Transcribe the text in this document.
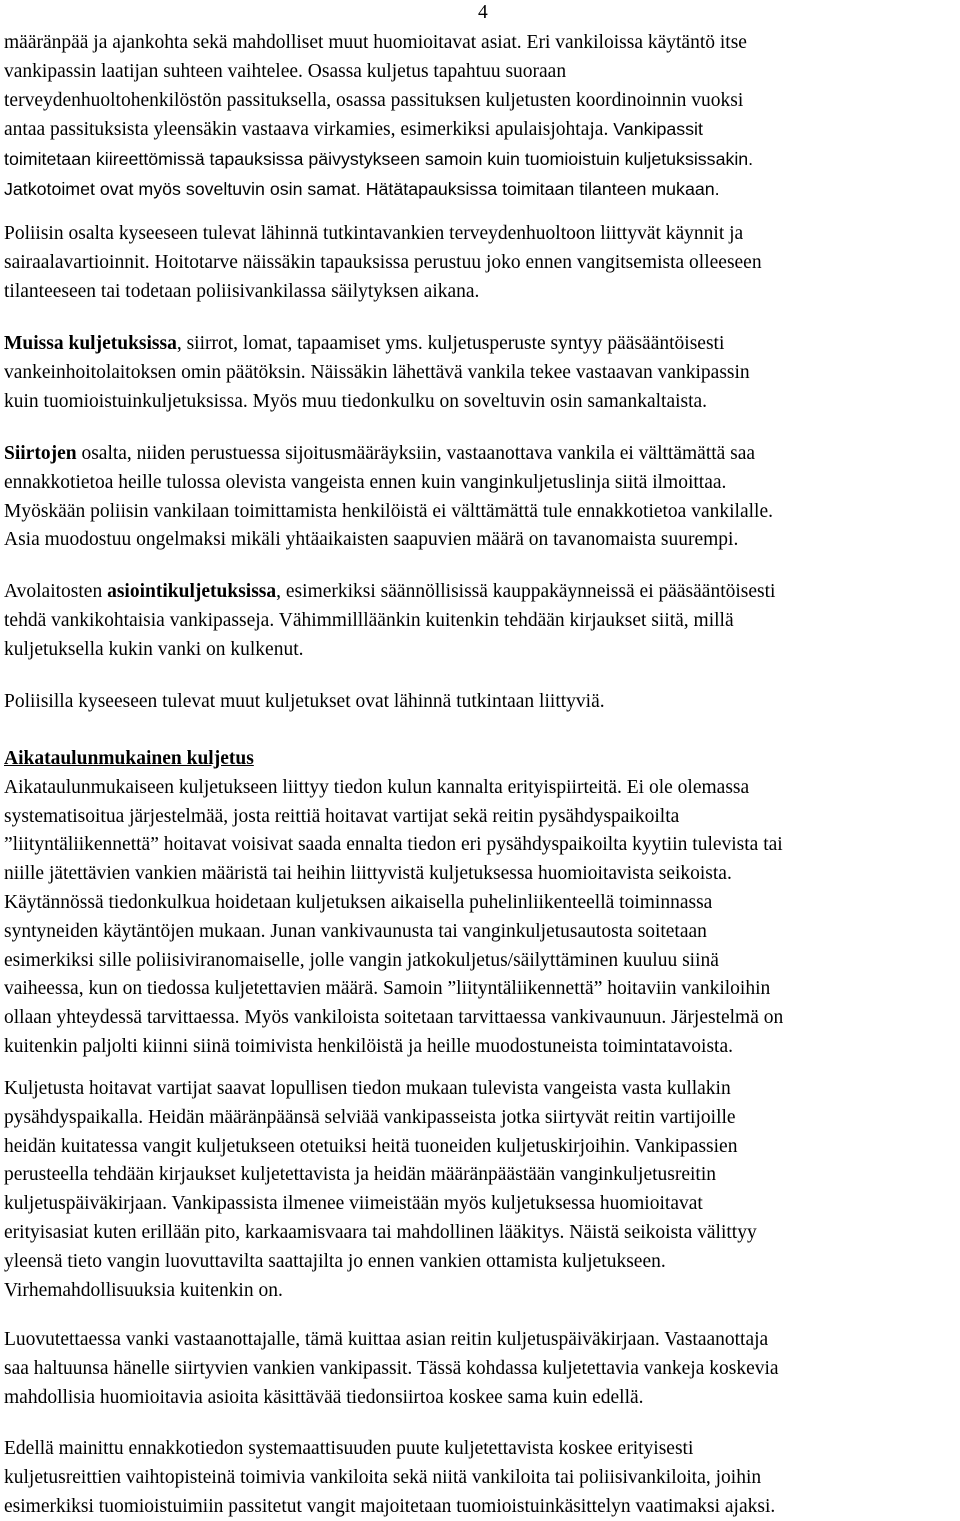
4
määränpää ja ajankohta sekä mahdolliset muut huomioitavat asiat. Eri vankiloissa käytäntö itse
vankipassin laatijan suhteen vaihtelee. Osassa kuljetus tapahtuu suoraan
terveydenhuoltohenkilöstön passituksella, osassa passituksen kuljetusten koordinoinnin vuoksi
antaa passituksista yleensäkin vastaava virkamies, esimerkiksi apulaisjohtaja. Vankipassit
toimitetaan kiireettömissä tapauksissa päivystykseen samoin kuin tuomioistuin kuljetuksissakin.
Jatkotoimet ovat myös soveltuvin osin samat. Hätätapauksissa toimitaan tilanteen mukaan.
Poliisin osalta kyseeseen tulevat lähinnä tutkintavankien terveydenhuoltoon liittyvät käynnit ja
sairaalavartioinnit. Hoitotarve näissäkin tapauksissa perustuu joko ennen vangitsemista olleeseen
tilanteeseen tai todetaan poliisivankilassa säilytyksen aikana.
Muissa kuljetuksissa, siirrot, lomat, tapaamiset yms. kuljetusperuste syntyy pääsääntöisesti
vankeinhoitolaitoksen omin päätöksin. Näissäkin lähettävä vankila tekee vastaavan vankipassin
kuin tuomioistuinkuljetuksissa. Myös muu tiedonkulku on soveltuvin osin samankaltaista.
Siirtojen osalta, niiden perustuessa sijoitusmääräyksiin, vastaanottava vankila ei välttämättä saa
ennakkotietoa heille tulossa olevista vangeista ennen kuin vanginkuljetuslinja siitä ilmoittaa.
Myöskään poliisin vankilaan toimittamista henkilöistä ei välttämättä tule ennakkotietoa vankilalle.
Asia muodostuu ongelmaksi mikäli yhtäaikaisten saapuvien määrä on tavanomaista suurempi.
Avolaitosten asiointikuljetuksissa, esimerkiksi säännöllisissä kauppakäynneissä ei pääsääntöisesti
tehdä vankikohtaisia vankipasseja. Vähimmillläänkin kuitenkin tehdään kirjaukset siitä, millä
kuljetuksella kukin vanki on kulkenut.
Poliisilla kyseeseen tulevat muut kuljetukset ovat lähinnä tutkintaan liittyviä.
Aikataulunmukainen kuljetus
Aikataulunmukaiseen kuljetukseen liittyy tiedon kulun kannalta erityispiirteitä. Ei ole olemassa
systematisoitua järjestelmää, josta reittiä hoitavat vartijat sekä reitin pysähdyspaikoilta
”liityntäliikennettä” hoitavat voisivat saada ennalta tiedon eri pysähdyspaikoilta kyytiin tulevista tai
niille jätettävien vankien määristä tai heihin liittyvistä kuljetuksessa huomioitavista seikoista.
Käytännössä tiedonkulkua hoidetaan kuljetuksen aikaisella puhelinliikenteellä toiminnassa
syntyneiden käytäntöjen mukaan. Junan vankivaunusta tai vanginkuljetusautosta soitetaan
esimerkiksi sille poliisiviranomaiselle, jolle vangin jatkokuljetus/säilyttäminen kuuluu siinä
vaiheessa, kun on tiedossa kuljetettavien määrä. Samoin ”liityntäliikennettä” hoitaviin vankiloihin
ollaan yhteydessä tarvittaessa. Myös vankiloista soitetaan tarvittaessa vankivaunuun. Järjestelmä on
kuitenkin paljolti kiinni siinä toimivista henkilöistä ja heille muodostuneista toimintatavoista.
Kuljetusta hoitavat vartijat saavat lopullisen tiedon mukaan tulevista vangeista vasta kullakin
pysähdyspaikalla. Heidän määränpäänsä selviää vankipasseista jotka siirtyvät reitin vartijoille
heidän kuitatessa vangit kuljetukseen otetuiksi heitä tuoneiden kuljetuskirjoihin. Vankipassien
perusteella tehdään kirjaukset kuljetettavista ja heidän määränpäästään vanginkuljetusreitin
kuljetuspäiväkirjaan. Vankipassista ilmenee viimeistään myös kuljetuksessa huomioitavat
erityisasiat kuten erillään pito, karkaamisvaara tai mahdollinen lääkitys. Näistä seikoista välittyy
yleensä tieto vangin luovuttavilta saattajilta jo ennen vankien ottamista kuljetukseen.
Virhemahdollisuuksia kuitenkin on.
Luovutettaessa vanki vastaanottajalle, tämä kuittaa asian reitin kuljetuspäiväkirjaan. Vastaanottaja
saa haltuunsa hänelle siirtyvien vankien vankipassit. Tässä kohdassa kuljetettavia vankeja koskevia
mahdollisia huomioitavia asioita käsittävää tiedonsiirtoa koskee sama kuin edellä.
Edellä mainittu ennakkotiedon systemaattisuuden puute kuljetettavista koskee erityisesti
kuljetusreittien vaihtopisteinä toimivia vankiloita sekä niitä vankiloita tai poliisivankiloita, joihin
esimerkiksi tuomioistuimiin passitetut vangit majoitetaan tuomioistuinkäsittelyn vaatimaksi ajaksi.
